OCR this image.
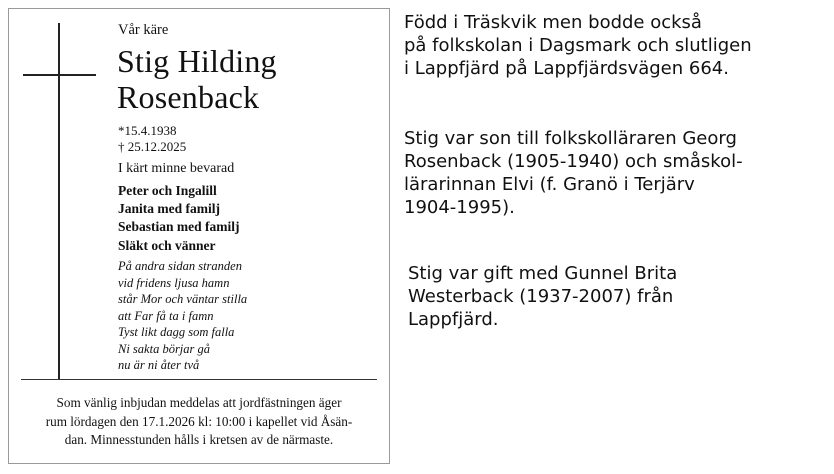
Vår käre
Stig Hilding
Rosenback
*15.4.1938
† 25.12.2025
I kärt minne bevarad
Peter och Ingalill
Janita med familj
Sebastian med familj
Släkt och vänner
På andra sidan stranden
vid fridens ljusa hamn
står Mor och väntar stilla
att Far få ta i famn
Tyst likt dagg som falla
Ni sakta börjar gå
nu är ni åter två
Som vänlig inbjudan meddelas att jordfästningen äger
rum lördagen den 17.1.2026 kl: 10:00 i kapellet vid Åsän-
dan. Minnesstunden hålls i kretsen av de närmaste.
Född i Träskvik men bodde också
på folkskolan i Dagsmark och slutligen
i Lappfjärd på Lappfjärdsvägen 664.
Stig var son till folkskolläraren Georg
Rosenback (1905-1940) och småskol-
lärarinnan Elvi (f. Granö i Terjärv
1904-1995).
Stig var gift med Gunnel Brita
Westerback (1937-2007) från
Lappfjärd.
